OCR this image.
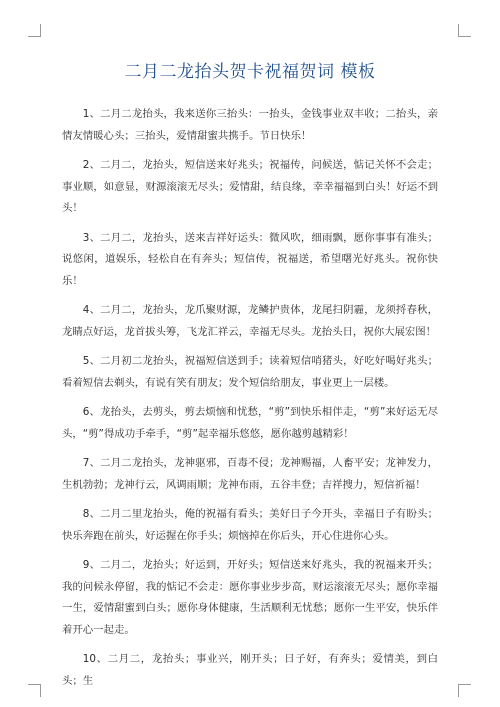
二月二龙抬头贺卡祝福贺词 模板

1、二月二龙抬头，我来送你三抬头：一抬头，金钱事业双丰收；二抬头，亲情友情暖心头；三抬头，爱情甜蜜共携手。节日快乐！

2、二月二，龙抬头，短信送来好兆头；祝福传，问候送，惦记关怀不会走；事业顺，如意显，财源滚滚无尽头；爱情甜，结良缘，幸幸福福到白头！好运不到头！

3、二月二，龙抬头，送来吉祥好运头：微风吹，细雨飘，愿你事事有准头；说悠闲，道娱乐，轻松自在有奔头；短信传，祝福送，希望曙光好兆头。祝你快乐！

4、二月二，龙抬头，龙爪聚财源，龙鳞护贵体，龙尾扫阴霾，龙须捋春秋，龙睛点好运，龙首拔头筹，飞龙汇祥云，幸福无尽头。龙抬头日，祝你大展宏图！

5、二月初二龙抬头，祝福短信送到手；读着短信哨猪头，好吃好喝好兆头；看着短信去剃头，有说有笑有朋友；发个短信给朋友，事业更上一层楼。

6、龙抬头，去剪头，剪去烦恼和忧愁，“剪”到快乐相伴走，“剪”来好运无尽头，“剪”得成功手牵手，“剪”起幸福乐悠悠，愿你越剪越精彩！

7、二月二龙抬头，龙神驱邪，百毒不侵；龙神赐福，人畜平安；龙神发力，生机勃勃；龙神行云，风调雨顺；龙神布雨，五谷丰登；吉祥搜力，短信祈福！

8、二月二里龙抬头，俺的祝福有看头；美好日子今开头，幸福日子有盼头；快乐奔跑在前头，好运握在你手头；烦恼掉在你后头，开心住进你心头。

9、二月二，龙抬头；好运到，开好头；短信送来好兆头，我的祝福来开头；我的问候永停留，我的惦记不会走：愿你事业步步高，财运滚滚无尽头；愿你幸福一生，爱情甜蜜到白头；愿你身体健康，生活顺利无忧愁；愿你一生平安，快乐伴着开心一起走。

10、二月二，龙抬头；事业兴，刚开头；日子好，有奔头；爱情美，到白头；生
